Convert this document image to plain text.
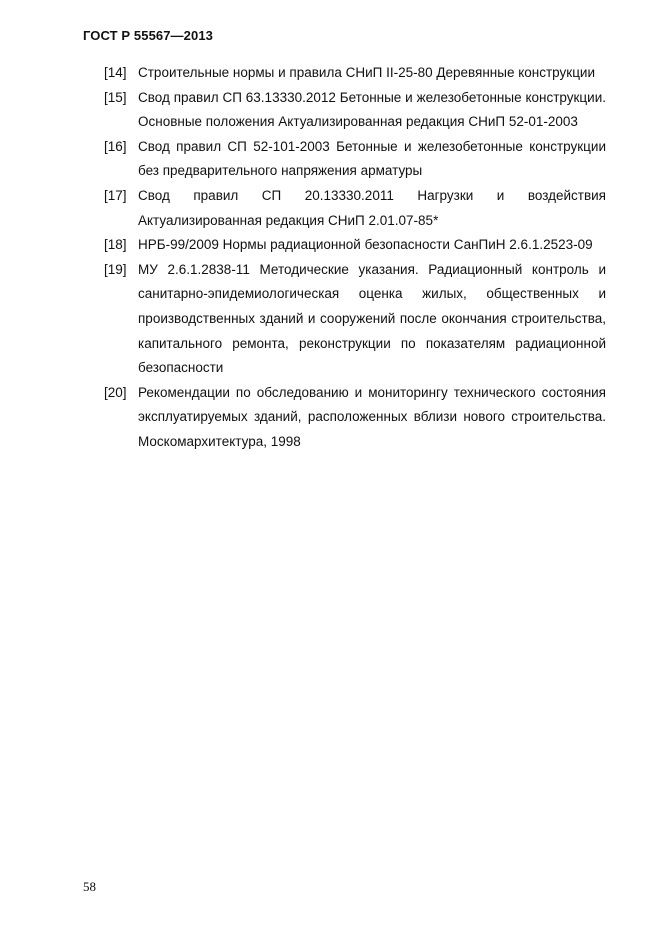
ГОСТ Р 55567—2013
[14] Строительные нормы и правила СНиП II-25-80 Деревянные конструкции
[15] Свод правил СП 63.13330.2012 Бетонные и железобетонные конструкции. Основные положения Актуализированная редакция СНиП 52-01-2003
[16] Свод правил СП 52-101-2003 Бетонные и железобетонные конструкции без предварительного напряжения арматуры
[17] Свод правил СП 20.13330.2011 Нагрузки и воздействия Актуализированная редакция СНиП 2.01.07-85*
[18] НРБ-99/2009 Нормы радиационной безопасности СанПиН 2.6.1.2523-09
[19] МУ 2.6.1.2838-11 Методические указания. Радиационный контроль и санитарно-эпидемиологическая оценка жилых, общественных и производственных зданий и сооружений после окончания строительства, капитального ремонта, реконструкции по показателям радиационной безопасности
[20] Рекомендации по обследованию и мониторингу технического состояния эксплуатируемых зданий, расположенных вблизи нового строительства. Москомархитектура, 1998
58
